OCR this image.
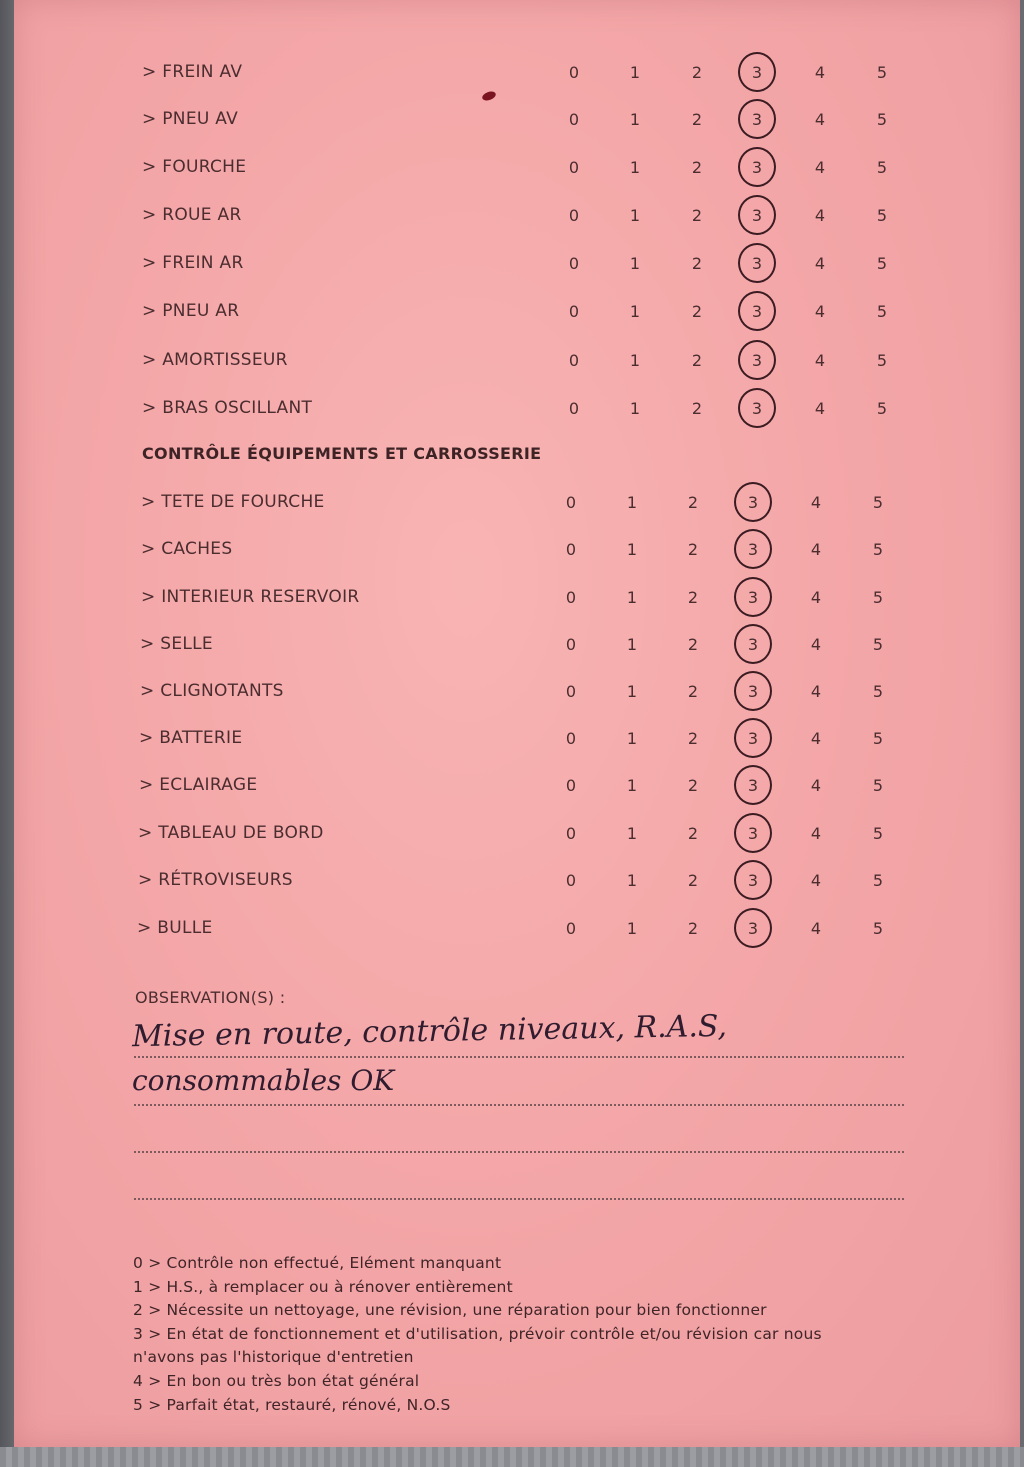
> FREIN AV	0	1	2	3	4	5
> PNEU AV	0	1	2	3	4	5
> FOURCHE	0	1	2	3	4	5
> ROUE AR	0	1	2	3	4	5
> FREIN AR	0	1	2	3	4	5
> PNEU AR	0	1	2	3	4	5
> AMORTISSEUR	0	1	2	3	4	5
> BRAS OSCILLANT	0	1	2	3	4	5
> TETE DE FOURCHE	0	1	2	3	4	5
> CACHES	0	1	2	3	4	5
> INTERIEUR RESERVOIR	0	1	2	3	4	5
> SELLE	0	1	2	3	4	5
> CLIGNOTANTS	0	1	2	3	4	5
> BATTERIE	0	1	2	3	4	5
> ECLAIRAGE	0	1	2	3	4	5
> TABLEAU DE BORD	0	1	2	3	4	5
> RÉTROVISEURS	0	1	2	3	4	5
> BULLE	0	1	2	3	4	5
CONTRÔLE ÉQUIPEMENTS ET CARROSSERIE
OBSERVATION(S) :
Mise en route, contrôle niveaux, R.A.S,
consommables OK
0 > Contrôle non effectué, Elément manquant
1 > H.S., à remplacer ou à rénover entièrement
2 > Nécessite un nettoyage, une révision, une réparation pour bien fonctionner
3 > En état de fonctionnement et d'utilisation, prévoir contrôle et/ou révision car nous
n'avons pas l'historique d'entretien
4 > En bon ou très bon état général
5 > Parfait état, restauré, rénové, N.O.S
